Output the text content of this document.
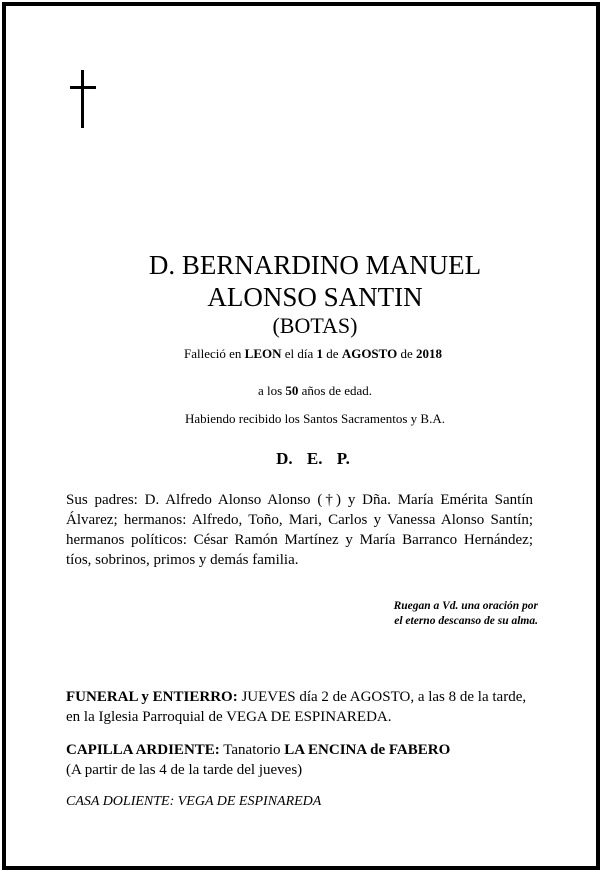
D. BERNARDINO MANUEL
ALONSO SANTIN
(BOTAS)
Falleció en LEON el día 1 de AGOSTO de 2018
a los 50 años de edad.
Habiendo recibido los Santos Sacramentos y B.A.
D. E. P.
Sus padres: D. Alfredo Alonso Alonso (†) y Dña. María Emérita Santín Álvarez; hermanos: Alfredo, Toño, Mari, Carlos y Vanessa Alonso Santín; hermanos políticos: César Ramón Martínez y María Barranco Hernández; tíos, sobrinos, primos y demás familia.
Ruegan a Vd. una oración por
el eterno descanso de su alma.
FUNERAL y ENTIERRO: JUEVES día 2 de AGOSTO, a las 8 de la tarde, en la Iglesia Parroquial de VEGA DE ESPINAREDA.
CAPILLA ARDIENTE: Tanatorio LA ENCINA de FABERO
(A partir de las 4 de la tarde del jueves)
CASA DOLIENTE: VEGA DE ESPINAREDA
